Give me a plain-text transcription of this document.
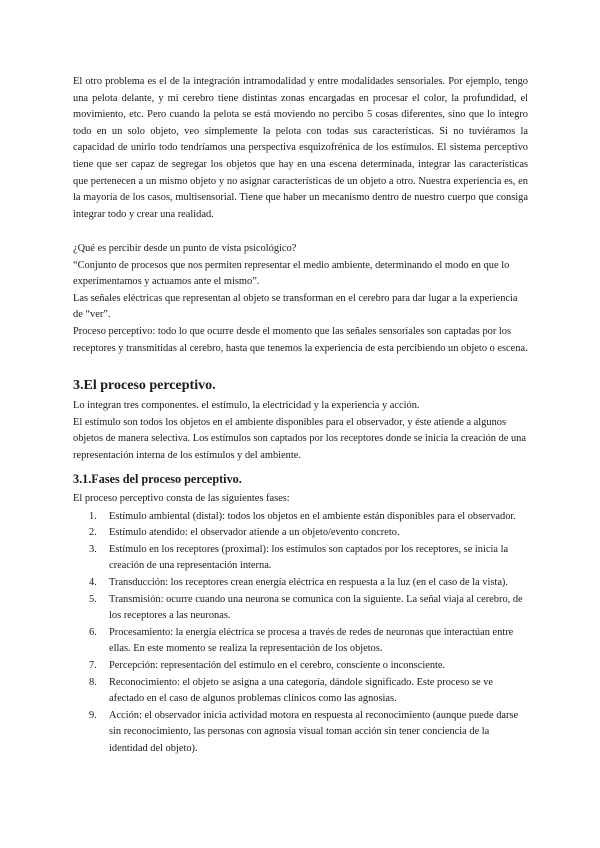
El otro problema es el de la integración intramodalidad y entre modalidades sensoriales. Por ejemplo, tengo una pelota delante, y mi cerebro tiene distintas zonas encargadas en procesar el color, la profundidad, el movimiento, etc. Pero cuando la pelota se está moviendo no percibo 5 cosas diferentes, sino que lo integro todo en un solo objeto, veo simplemente la pelota con todas sus características. Si no tuviéramos la capacidad de unirlo todo tendríamos una perspectiva esquizofrénica de los estímulos. El sistema perceptivo tiene que ser capaz de segregar los objetos que hay en una escena determinada, integrar las características que pertenecen a un mismo objeto y no asignar características de un objeto a otro. Nuestra experiencia es, en la mayoría de los casos, multisensorial. Tiene que haber un mecanismo dentro de nuestro cuerpo que consiga integrar todo y crear una realidad.

¿Qué es percibir desde un punto de vista psicológico?

“Conjunto de procesos que nos permiten representar el medio ambiente, determinando el modo en que lo experimentamos y actuamos ante el mismo”.

Las señales eléctricas que representan al objeto se transforman en el cerebro para dar lugar a la experiencia de “ver”.

Proceso perceptivo: todo lo que ocurre desde el momento que las señales sensoriales son captadas por los receptores y transmitidas al cerebro, hasta que tenemos la experiencia de esta percibiendo un objeto o escena.

3.El proceso perceptivo.

Lo integran tres componentes. el estímulo, la electricidad y la experiencia y acción.

El estímulo son todos los objetos en el ambiente disponibles para el observador, y éste atiende a algunos objetos de manera selectiva. Los estímulos son captados por los receptores donde se inicia la creación de una representación interna de los estímulos y del ambiente.

3.1.Fases del proceso perceptivo.

El proceso perceptivo consta de las siguientes fases:

1. Estímulo ambiental (distal): todos los objetos en el ambiente están disponibles para el observador.
2. Estímulo atendido: el observador atiende a un objeto/evento concreto.
3. Estímulo en los receptores (proximal): los estímulos son captados por los receptores, se inicia la creación de una representación interna.
4. Transducción: los receptores crean energía eléctrica en respuesta a la luz (en el caso de la vista).
5. Transmisión: ocurre cuando una neurona se comunica con la siguiente. La señal viaja al cerebro, de los receptores a las neuronas.
6. Procesamiento: la energía eléctrica se procesa a través de redes de neuronas que interactúan entre ellas. En este momento se realiza la representación de los objetos.
7. Percepción: representación del estímulo en el cerebro, consciente o inconsciente.
8. Reconocimiento: el objeto se asigna a una categoría, dándole significado. Este proceso se ve afectado en el caso de algunos problemas clínicos como las agnosias.
9. Acción: el observador inicia actividad motora en respuesta al reconocimiento (aunque puede darse sin reconocimiento, las personas con agnosia visual toman acción sin tener conciencia de la identidad del objeto).
